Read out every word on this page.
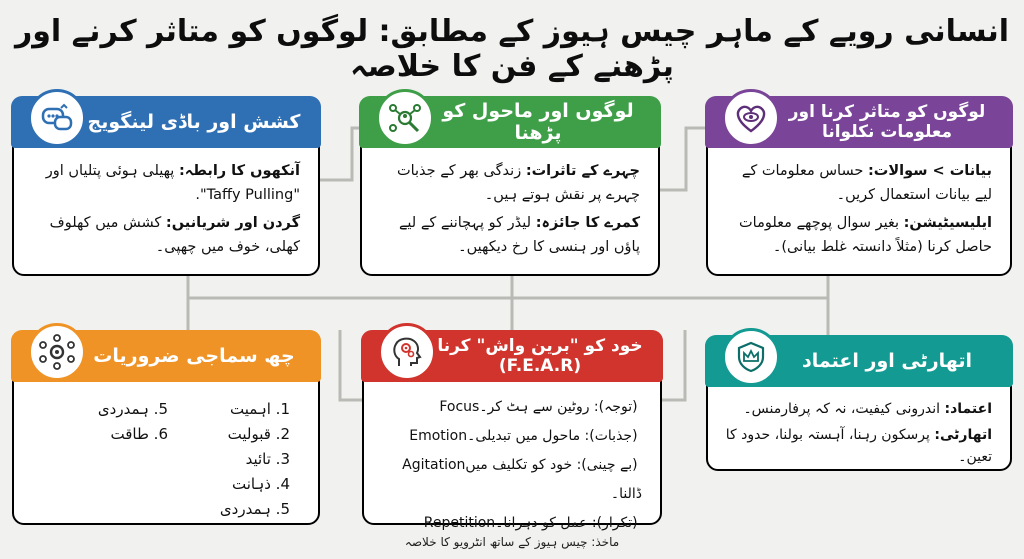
انسانی رویے کے ماہر چیس ہیوز کے مطابق: لوگوں کو متاثر کرنے اور پڑھنے کے فن کا خلاصہ
کشش اور باڈی لینگویج

آنکھوں کا رابطہ: پھیلی ہوئی پتلیاں اور "Taffy Pulling".

گردن اور شریانیں: کشش میں کھلوف کھلی، خوف میں چھپی۔

لوگوں اور ماحول کو پڑھنا

چہرے کے تاثرات: زندگی بھر کے جذبات چہرے پر نقش ہوتے ہیں۔

کمرے کا جائزہ: لیڈر کو پہچاننے کے لیے پاؤں اور ہنسی کا رخ دیکھیں۔

لوگوں کو متاثر کرنا اور معلومات نکلوانا

بیانات > سوالات: حساس معلومات کے لیے بیانات استعمال کریں۔

ایلیسیٹیشن: بغیر سوال پوچھے معلومات حاصل کرنا (مثلاً دانستہ غلط بیانی)۔

چھ سماجی ضروریات
1. اہمیت
2. قبولیت
3. تائید
4. ذہانت
5. ہمدردی
5. ہمدردی
6. طاقت
خود کو "برین واش" کرنا (F.E.A.R)
Focus (توجہ): روٹین سے ہٹ کر۔
Emotion (جذبات): ماحول میں تبدیلی۔
Agitation (بے چینی): خود کو تکلیف میں ڈالنا۔
Repetition (تکرار): عمل کو دہرانا۔
اتھارٹی اور اعتماد

اعتماد: اندرونی کیفیت، نہ کہ پرفارمنس۔

اتھارٹی: پرسکون رہنا، آہستہ بولنا، حدود کا تعین۔

ماخذ: چیس ہیوز کے ساتھ انٹرویو کا خلاصہ
